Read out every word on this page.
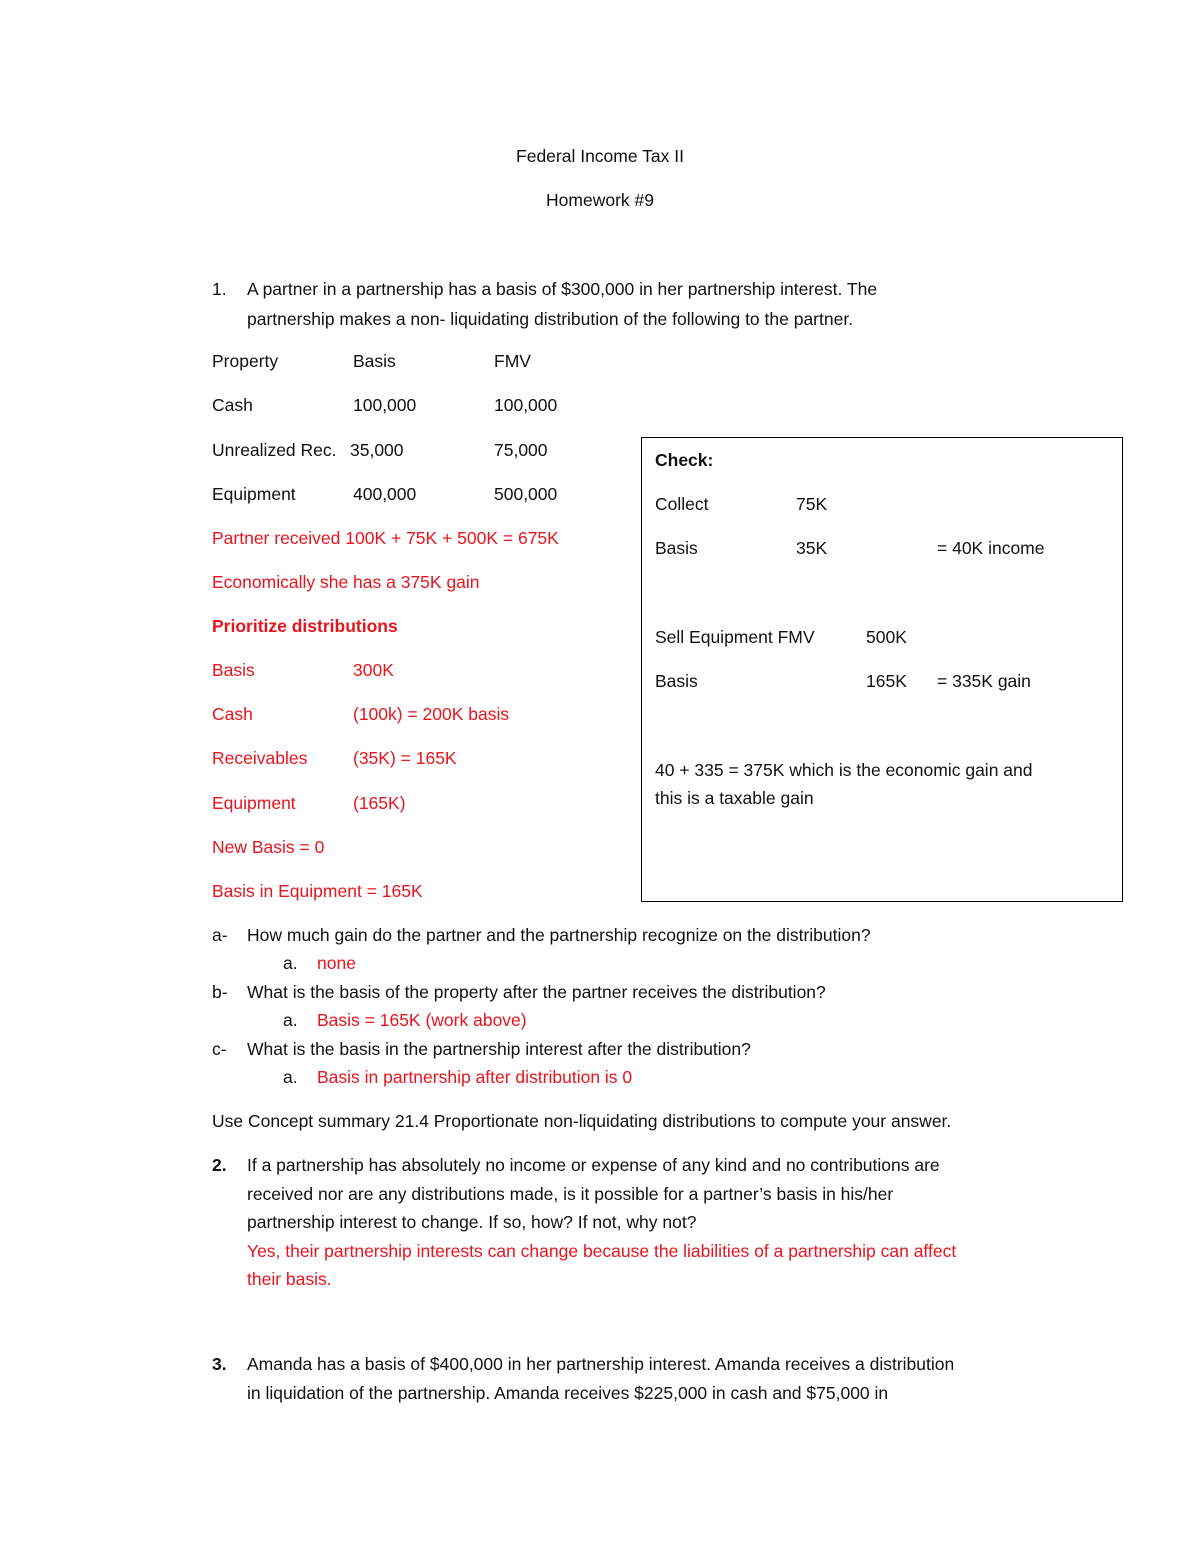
Federal Income Tax II
Homework #9
1. A partner in a partnership has a basis of $300,000 in her partnership interest. The
partnership makes a non- liquidating distribution of the following to the partner.
Property	Basis	FMV
Cash	100,000	100,000
Unrealized Rec. 35,000	75,000
Equipment	400,000	500,000
Partner received 100K + 75K + 500K = 675K
Economically she has a 375K gain
Prioritize distributions
Basis	300K
Cash	(100k) = 200K basis
Receivables	(35K) = 165K
Equipment	(165K)
New Basis = 0
Basis in Equipment = 165K
Check:
Collect	75K
Basis	35K	= 40K income
Sell Equipment FMV	500K
Basis	165K = 335K gain
40 + 335 = 375K which is the economic gain and
this is a taxable gain
a- How much gain do the partner and the partnership recognize on the distribution?
a. none
b- What is the basis of the property after the partner receives the distribution?
a. Basis = 165K (work above)
c- What is the basis in the partnership interest after the distribution?
a. Basis in partnership after distribution is 0
Use Concept summary 21.4 Proportionate non-liquidating distributions to compute your answer.
2. If a partnership has absolutely no income or expense of any kind and no contributions are
received nor are any distributions made, is it possible for a partner’s basis in his/her
partnership interest to change. If so, how? If not, why not?
Yes, their partnership interests can change because the liabilities of a partnership can affect
their basis.
3. Amanda has a basis of $400,000 in her partnership interest. Amanda receives a distribution
in liquidation of the partnership. Amanda receives $225,000 in cash and $75,000 in
